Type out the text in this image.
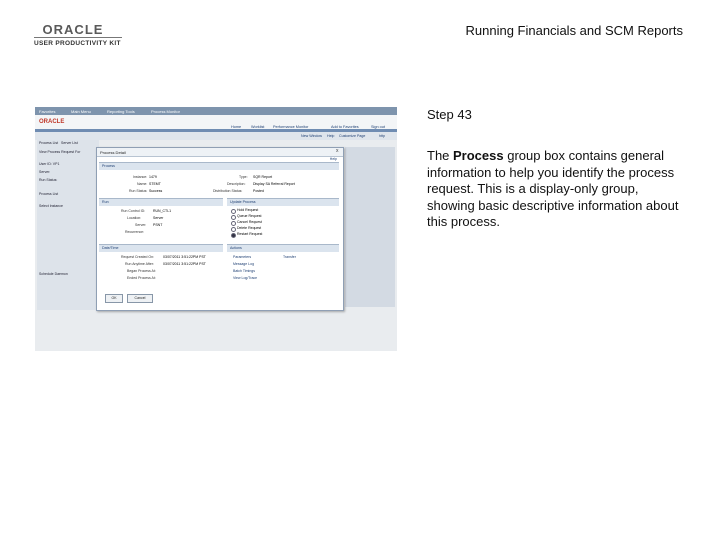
ORACLE
USER PRODUCTIVITY KIT
Running Financials and SCM Reports
Favorites	Main Menu	Reporting Tools	Process Monitor
ORACLE
Home	Worklist Performance Monitor	Add to Favorites	Sign out
New Window Help Customize Page	http
Process List Server List
View Process Request For
User ID: VP1
Server:
Run Status:
Process List
Select Instance
Schedule Daemon
Process Detail	x
Help
Process
Instance: 1479
Name: STEMT
Run Status: Success
Type: SQR Report
Description: Display SA Referral Report
Distribution Status:	Posted
Run	Update Process
Run Control ID: RUN_CTL1
Location:	Server
Server: PSNT
Recurrence:
Hold Request
Queue Request
Cancel Request
Delete Request
Restart Request
Date/Time	Actions
Request Created On:	03/07/2011 3:51:22PM PST
Run Anytime After:	03/07/2011 3:51:22PM PST
Began Process At:
Ended Process At:
Parameters	Transfer
Message Log
Batch Timings
View Log/Trace
OK	Cancel
Step 43
The Process group box contains general information to help you identify the process request. This is a display-only group, showing basic descriptive information about this process.
